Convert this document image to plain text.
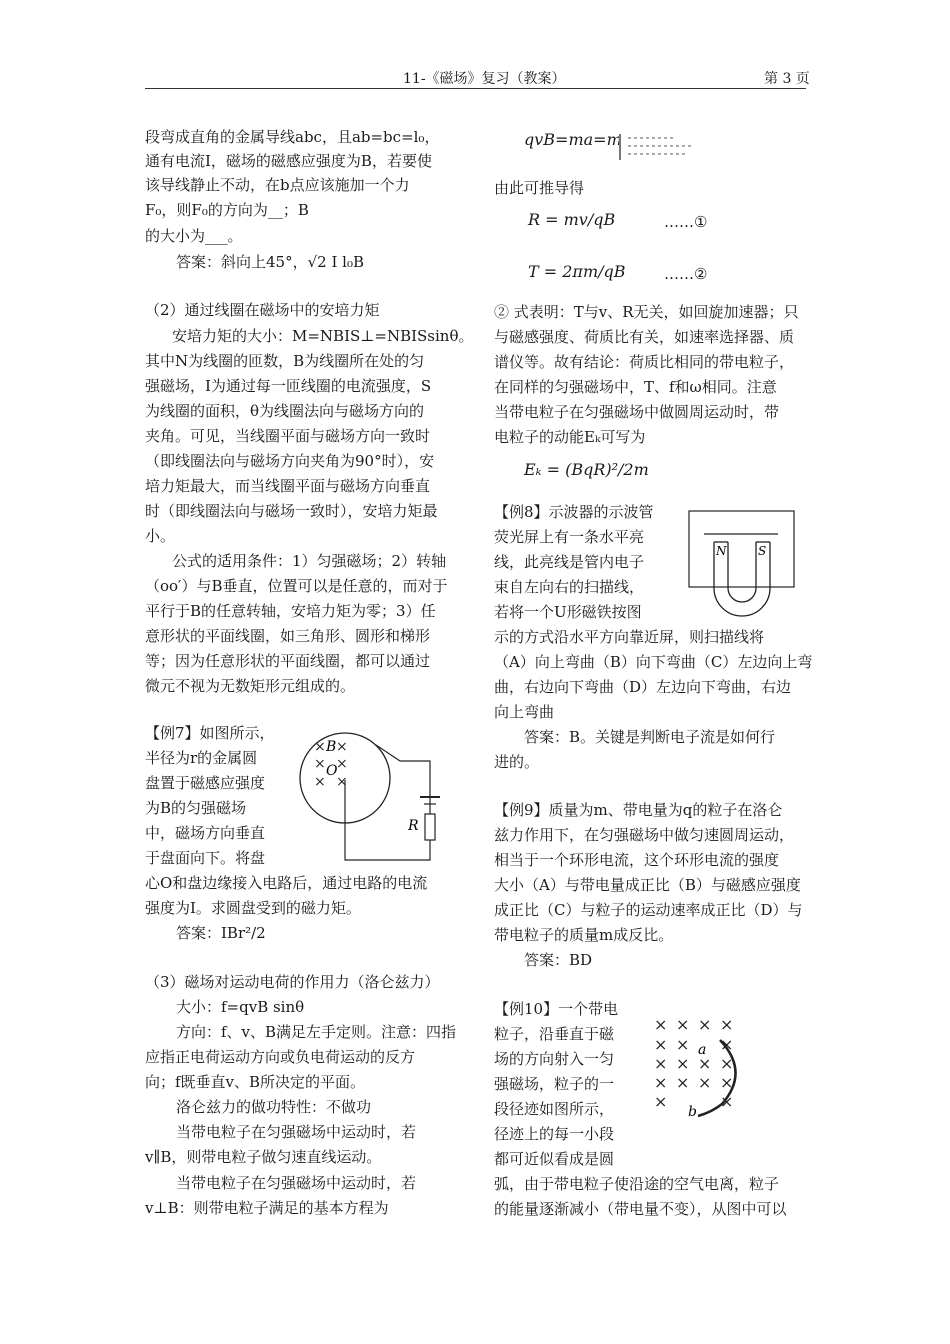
11-《磁场》复习（教案）	第 3 页
段弯成直角的金属导线abc，且ab=bc=l₀，
通有电流I，磁场的磁感应强度为B，若要使
该导线静止不动，在b点应该施加一个力
F₀，则F₀的方向为__；B
的大小为___。
答案：斜向上45°，√2 I l₀B
（2）通过线圈在磁场中的安培力矩
安培力矩的大小：M=NBIS⊥=NBISsinθ。
其中N为线圈的匝数，B为线圈所在处的匀
强磁场，I为通过每一匝线圈的电流强度，S
为线圈的面积，θ为线圈法向与磁场方向的
夹角。可见，当线圈平面与磁场方向一致时
（即线圈法向与磁场方向夹角为90°时），安
培力矩最大，而当线圈平面与磁场方向垂直
时（即线圈法向与磁场一致时），安培力矩最
小。
公式的适用条件：1）匀强磁场；2）转轴
（oo′）与B垂直，位置可以是任意的，而对于
平行于B的任意转轴，安培力矩为零；3）任
意形状的平面线圈，如三角形、圆形和梯形
等；因为任意形状的平面线圈，都可以通过
微元不视为无数矩形元组成的。
【例7】如图所示，
半径为r的金属圆
盘置于磁感应强度
为B的匀强磁场
中，磁场方向垂直
于盘面向下。将盘
心O和盘边缘接入电路后，通过电路的电流
强度为I。求圆盘受到的磁力矩。
答案：IBr²/2
× ×
× ×
× ×
B
O
R
（3）磁场对运动电荷的作用力（洛仑兹力）
大小：f=qvB sinθ
方向：f、v、B满足左手定则。注意：四指
应指正电荷运动方向或负电荷运动的反方
向；f既垂直v、B所决定的平面。
洛仑兹力的做功特性：不做功
当带电粒子在匀强磁场中运动时，若
v∥B，则带电粒子做匀速直线运动。
当带电粒子在匀强磁场中运动时，若
v⊥B：则带电粒子满足的基本方程为
qvB=ma=m
由此可推导得
R = mv/qB	……①
T = 2πm/qB	……②
② 式表明：T与v、R无关，如回旋加速器；只
与磁感强度、荷质比有关，如速率选择器、质
谱仪等。故有结论：荷质比相同的带电粒子，
在同样的匀强磁场中，T、f和ω相同。注意
当带电粒子在匀强磁场中做圆周运动时，带
电粒子的动能Eₖ可写为
Eₖ = (BqR)²/2m
【例8】示波器的示波管
荧光屏上有一条水平亮
线，此亮线是管内电子
束自左向右的扫描线，
若将一个U形磁铁按图
示的方式沿水平方向靠近屏，则扫描线将
（A）向上弯曲（B）向下弯曲（C）左边向上弯
曲，右边向下弯曲（D）左边向下弯曲，右边
向上弯曲
答案：B。关键是判断电子流是如何行
进的。
N	S
【例9】质量为m、带电量为q的粒子在洛仑
兹力作用下，在匀强磁场中做匀速圆周运动，
相当于一个环形电流，这个环形电流的强度
大小（A）与带电量成正比（B）与磁感应强度
成正比（C）与粒子的运动速率成正比（D）与
带电粒子的质量m成反比。
答案：BD
【例10】一个带电
粒子，沿垂直于磁
场的方向射入一匀
强磁场，粒子的一
段径迹如图所示，
径迹上的每一小段
都可近似看成是圆
弧，由于带电粒子使沿途的空气电离，粒子
的能量逐渐减小（带电量不变），从图中可以
× × × ×
× × ×
× × × ×
× × × ×
×	×
a
b
